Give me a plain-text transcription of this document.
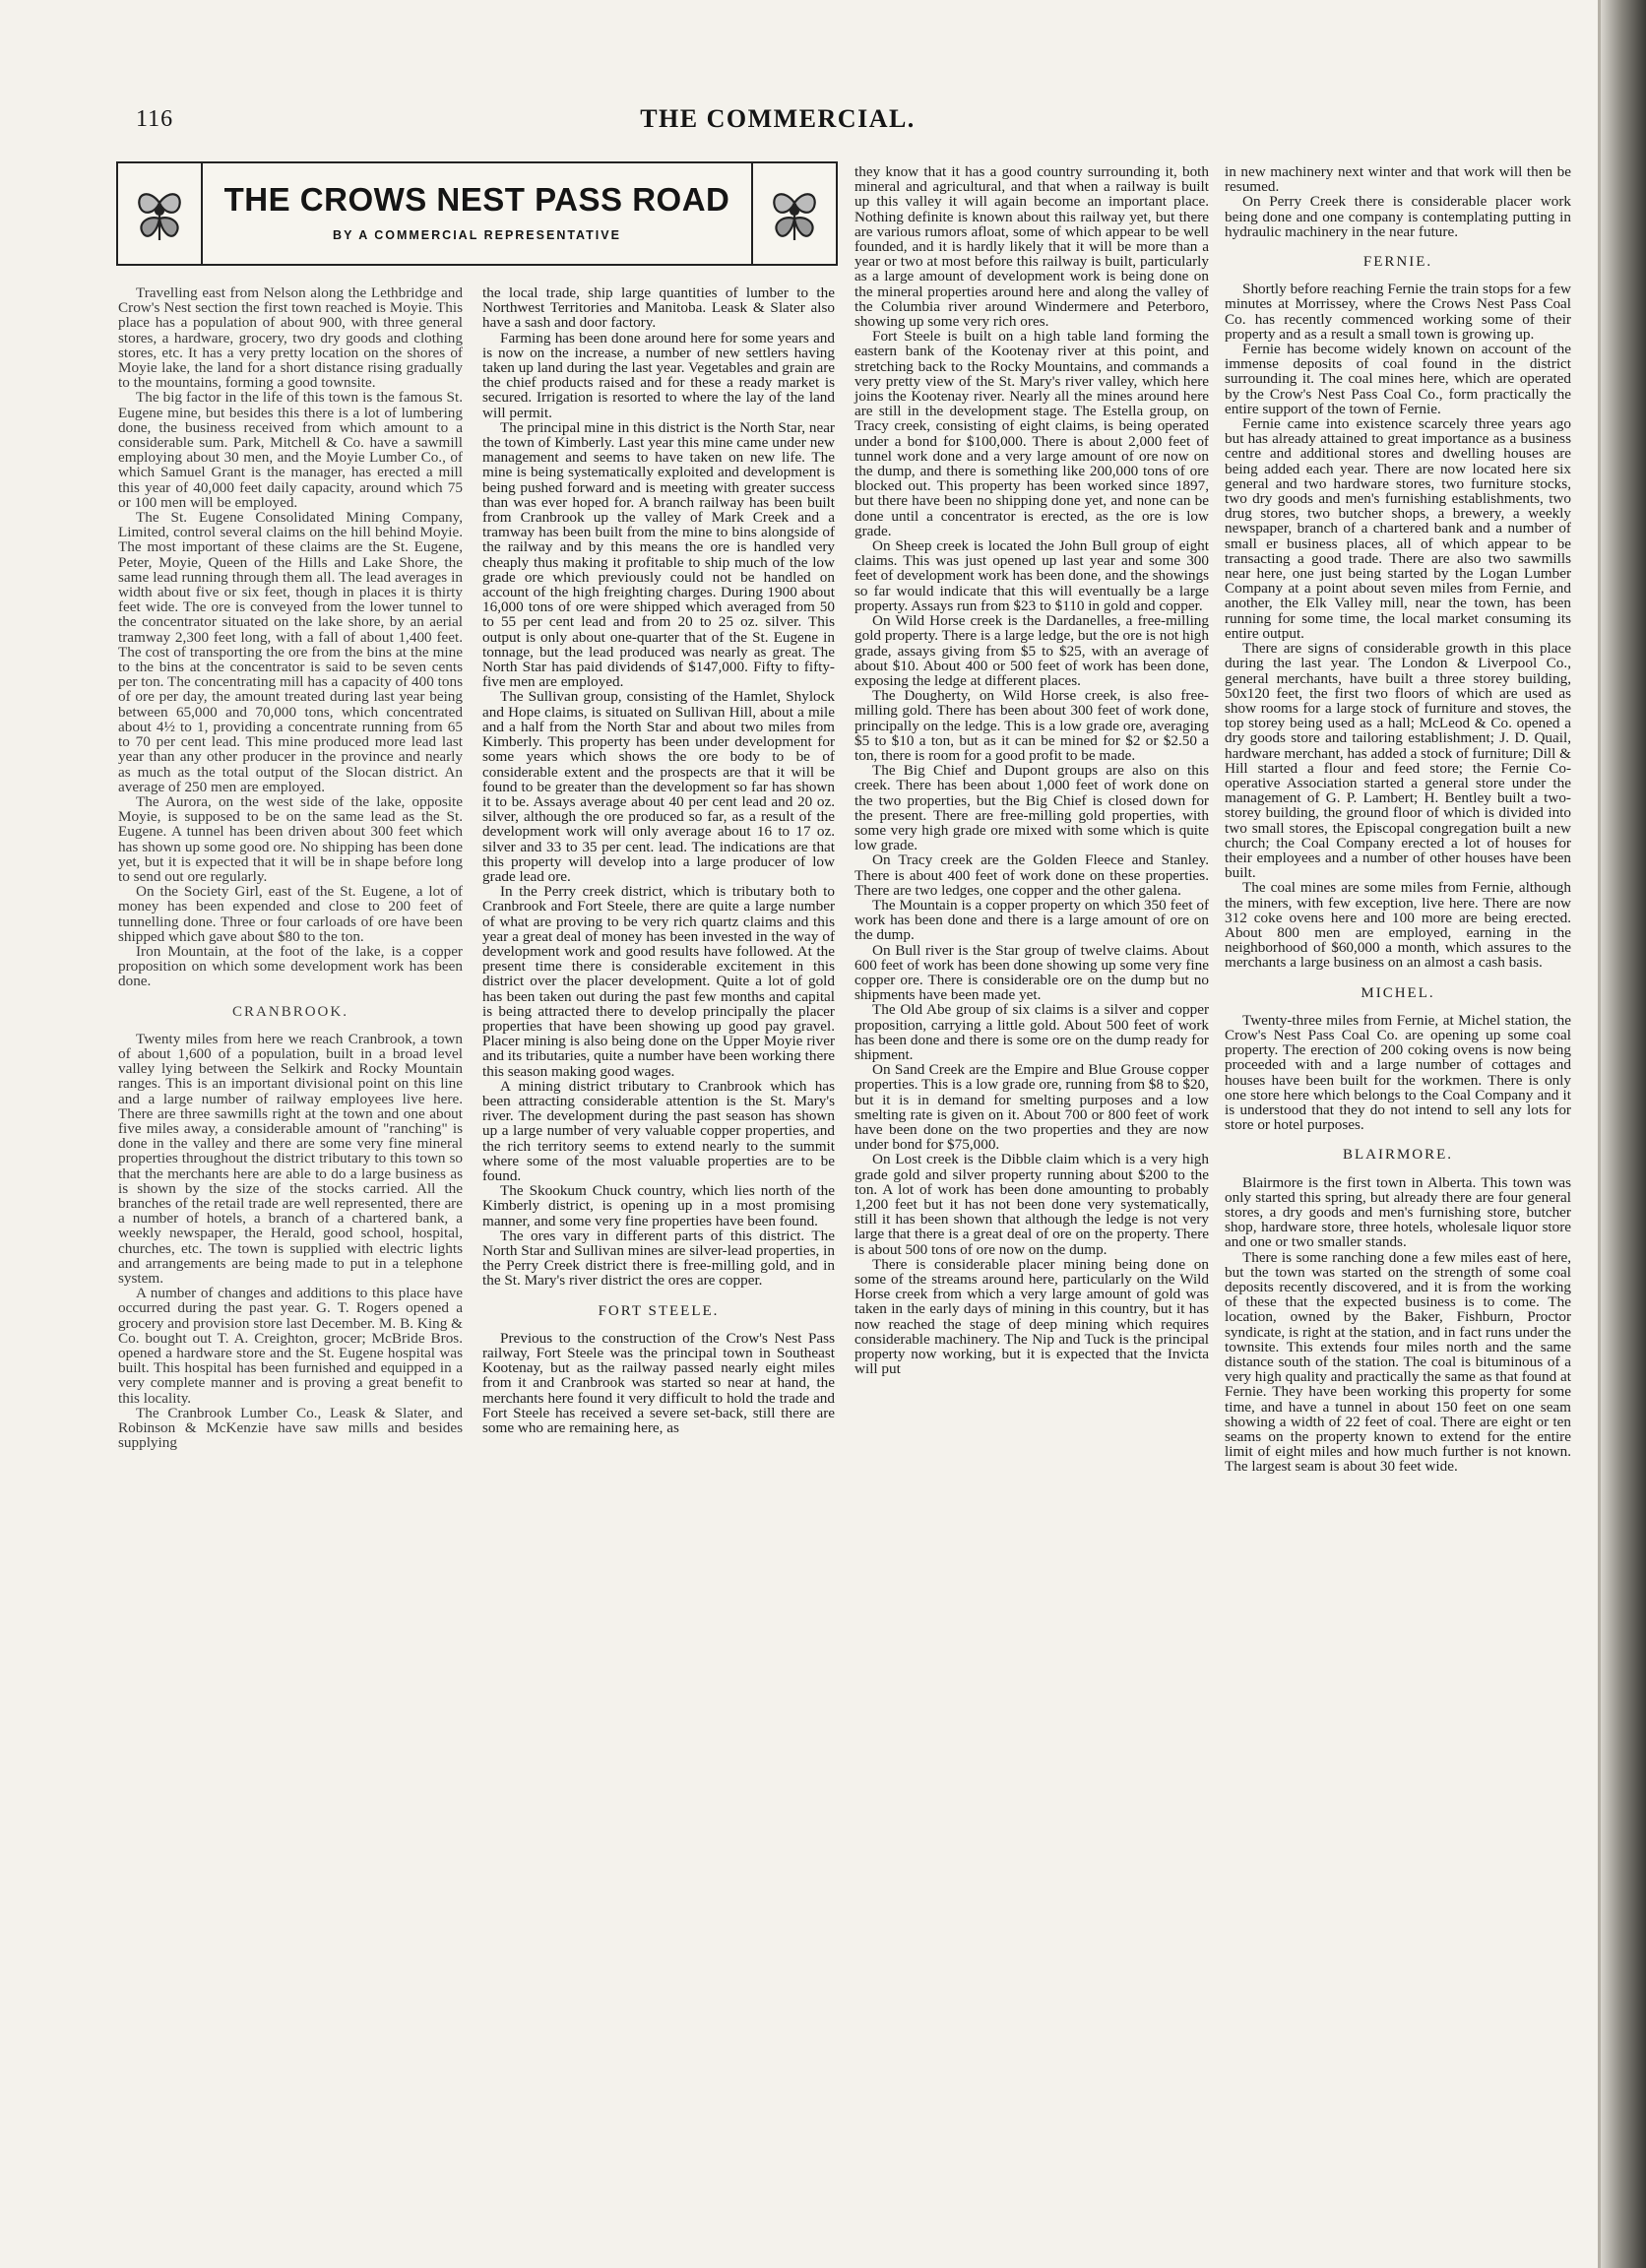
116	THE COMMERCIAL.
THE CROWS NEST PASS ROAD
BY A COMMERCIAL REPRESENTATIVE

Travelling east from Nelson along the Lethbridge and Crow's Nest section the first town reached is Moyie. This place has a population of about 900, with three general stores, a hardware, grocery, two dry goods and clothing stores, etc. It has a very pretty location on the shores of Moyie lake, the land for a short distance rising gradually to the mountains, forming a good townsite.

The big factor in the life of this town is the famous St. Eugene mine, but besides this there is a lot of lumbering done, the business received from which amount to a considerable sum. Park, Mitchell & Co. have a sawmill employing about 30 men, and the Moyie Lumber Co., of which Samuel Grant is the manager, has erected a mill this year of 40,000 feet daily capacity, around which 75 or 100 men will be employed.

The St. Eugene Consolidated Mining Company, Limited, control several claims on the hill behind Moyie. The most important of these claims are the St. Eugene, Peter, Moyie, Queen of the Hills and Lake Shore, the same lead running through them all. The lead averages in width about five or six feet, though in places it is thirty feet wide. The ore is conveyed from the lower tunnel to the concentrator situated on the lake shore, by an aerial tramway 2,300 feet long, with a fall of about 1,400 feet. The cost of transporting the ore from the bins at the mine to the bins at the concentrator is said to be seven cents per ton. The concentrating mill has a capacity of 400 tons of ore per day, the amount treated during last year being between 65,000 and 70,000 tons, which concentrated about 4½ to 1, providing a concentrate running from 65 to 70 per cent lead. This mine produced more lead last year than any other producer in the province and nearly as much as the total output of the Slocan district. An average of 250 men are employed.

The Aurora, on the west side of the lake, opposite Moyie, is supposed to be on the same lead as the St. Eugene. A tunnel has been driven about 300 feet which has shown up some good ore. No shipping has been done yet, but it is expected that it will be in shape before long to send out ore regularly.

On the Society Girl, east of the St. Eugene, a lot of money has been expended and close to 200 feet of tunnelling done. Three or four carloads of ore have been shipped which gave about $80 to the ton.

Iron Mountain, at the foot of the lake, is a copper proposition on which some development work has been done.

CRANBROOK.

Twenty miles from here we reach Cranbrook, a town of about 1,600 of a population, built in a broad level valley lying between the Selkirk and Rocky Mountain ranges. This is an important divisional point on this line and a large number of railway employees live here. There are three sawmills right at the town and one about five miles away, a considerable amount of "ranching" is done in the valley and there are some very fine mineral properties throughout the district tributary to this town so that the merchants here are able to do a large business as is shown by the size of the stocks carried. All the branches of the retail trade are well represented, there are a number of hotels, a branch of a chartered bank, a weekly newspaper, the Herald, good school, hospital, churches, etc. The town is supplied with electric lights and arrangements are being made to put in a telephone system.

A number of changes and additions to this place have occurred during the past year. G. T. Rogers opened a grocery and provision store last December. M. B. King & Co. bought out T. A. Creighton, grocer; McBride Bros. opened a hardware store and the St. Eugene hospital was built. This hospital has been furnished and equipped in a very complete manner and is proving a great benefit to this locality.

The Cranbrook Lumber Co., Leask & Slater, and Robinson & McKenzie have saw mills and besides supplying

the local trade, ship large quantities of lumber to the Northwest Territories and Manitoba. Leask & Slater also have a sash and door factory.

Farming has been done around here for some years and is now on the increase, a number of new settlers having taken up land during the last year. Vegetables and grain are the chief products raised and for these a ready market is secured. Irrigation is resorted to where the lay of the land will permit.

The principal mine in this district is the North Star, near the town of Kimberly. Last year this mine came under new management and seems to have taken on new life. The mine is being systematically exploited and development is being pushed forward and is meeting with greater success than was ever hoped for. A branch railway has been built from Cranbrook up the valley of Mark Creek and a tramway has been built from the mine to bins alongside of the railway and by this means the ore is handled very cheaply thus making it profitable to ship much of the low grade ore which previously could not be handled on account of the high freighting charges. During 1900 about 16,000 tons of ore were shipped which averaged from 50 to 55 per cent lead and from 20 to 25 oz. silver. This output is only about one-quarter that of the St. Eugene in tonnage, but the lead produced was nearly as great. The North Star has paid dividends of $147,000. Fifty to fifty-five men are employed.

The Sullivan group, consisting of the Hamlet, Shylock and Hope claims, is situated on Sullivan Hill, about a mile and a half from the North Star and about two miles from Kimberly. This property has been under development for some years which shows the ore body to be of considerable extent and the prospects are that it will be found to be greater than the development so far has shown it to be. Assays average about 40 per cent lead and 20 oz. silver, although the ore produced so far, as a result of the development work will only average about 16 to 17 oz. silver and 33 to 35 per cent. lead. The indications are that this property will develop into a large producer of low grade lead ore.

In the Perry creek district, which is tributary both to Cranbrook and Fort Steele, there are quite a large number of what are proving to be very rich quartz claims and this year a great deal of money has been invested in the way of development work and good results have followed. At the present time there is considerable excitement in this district over the placer development. Quite a lot of gold has been taken out during the past few months and capital is being attracted there to develop principally the placer properties that have been showing up good pay gravel. Placer mining is also being done on the Upper Moyie river and its tributaries, quite a number have been working there this season making good wages.

A mining district tributary to Cranbrook which has been attracting considerable attention is the St. Mary's river. The development during the past season has shown up a large number of very valuable copper properties, and the rich territory seems to extend nearly to the summit where some of the most valuable properties are to be found.

The Skookum Chuck country, which lies north of the Kimberly district, is opening up in a most promising manner, and some very fine properties have been found.

The ores vary in different parts of this district. The North Star and Sullivan mines are silver-lead properties, in the Perry Creek district there is free-milling gold, and in the St. Mary's river district the ores are copper.

FORT STEELE.

Previous to the construction of the Crow's Nest Pass railway, Fort Steele was the principal town in Southeast Kootenay, but as the railway passed nearly eight miles from it and Cranbrook was started so near at hand, the merchants here found it very difficult to hold the trade and Fort Steele has received a severe set-back, still there are some who are remaining here, as

they know that it has a good country surrounding it, both mineral and agricultural, and that when a railway is built up this valley it will again become an important place. Nothing definite is known about this railway yet, but there are various rumors afloat, some of which appear to be well founded, and it is hardly likely that it will be more than a year or two at most before this railway is built, particularly as a large amount of development work is being done on the mineral properties around here and along the valley of the Columbia river around Windermere and Peterboro, showing up some very rich ores.

Fort Steele is built on a high table land forming the eastern bank of the Kootenay river at this point, and stretching back to the Rocky Mountains, and commands a very pretty view of the St. Mary's river valley, which here joins the Kootenay river. Nearly all the mines around here are still in the development stage. The Estella group, on Tracy creek, consisting of eight claims, is being operated under a bond for $100,000. There is about 2,000 feet of tunnel work done and a very large amount of ore now on the dump, and there is something like 200,000 tons of ore blocked out. This property has been worked since 1897, but there have been no shipping done yet, and none can be done until a concentrator is erected, as the ore is low grade.

On Sheep creek is located the John Bull group of eight claims. This was just opened up last year and some 300 feet of development work has been done, and the showings so far would indicate that this will eventually be a large property. Assays run from $23 to $110 in gold and copper.

On Wild Horse creek is the Dardanelles, a free-milling gold property. There is a large ledge, but the ore is not high grade, assays giving from $5 to $25, with an average of about $10. About 400 or 500 feet of work has been done, exposing the ledge at different places.

The Dougherty, on Wild Horse creek, is also free-milling gold. There has been about 300 feet of work done, principally on the ledge. This is a low grade ore, averaging $5 to $10 a ton, but as it can be mined for $2 or $2.50 a ton, there is room for a good profit to be made.

The Big Chief and Dupont groups are also on this creek. There has been about 1,000 feet of work done on the two properties, but the Big Chief is closed down for the present. There are free-milling gold properties, with some very high grade ore mixed with some which is quite low grade.

On Tracy creek are the Golden Fleece and Stanley. There is about 400 feet of work done on these properties. There are two ledges, one copper and the other galena.

The Mountain is a copper property on which 350 feet of work has been done and there is a large amount of ore on the dump.

On Bull river is the Star group of twelve claims. About 600 feet of work has been done showing up some very fine copper ore. There is considerable ore on the dump but no shipments have been made yet.

The Old Abe group of six claims is a silver and copper proposition, carrying a little gold. About 500 feet of work has been done and there is some ore on the dump ready for shipment.

On Sand Creek are the Empire and Blue Grouse copper properties. This is a low grade ore, running from $8 to $20, but it is in demand for smelting purposes and a low smelting rate is given on it. About 700 or 800 feet of work have been done on the two properties and they are now under bond for $75,000.

On Lost creek is the Dibble claim which is a very high grade gold and silver property running about $200 to the ton. A lot of work has been done amounting to probably 1,200 feet but it has not been done very systematically, still it has been shown that although the ledge is not very large that there is a great deal of ore on the property. There is about 500 tons of ore now on the dump.

There is considerable placer mining being done on some of the streams around here, particularly on the Wild Horse creek from which a very large amount of gold was taken in the early days of mining in this country, but it has now reached the stage of deep mining which requires considerable machinery. The Nip and Tuck is the principal property now working, but it is expected that the Invicta will put

in new machinery next winter and that work will then be resumed.

On Perry Creek there is considerable placer work being done and one company is contemplating putting in hydraulic machinery in the near future.

FERNIE.

Shortly before reaching Fernie the train stops for a few minutes at Morrissey, where the Crows Nest Pass Coal Co. has recently commenced working some of their property and as a result a small town is growing up.

Fernie has become widely known on account of the immense deposits of coal found in the district surrounding it. The coal mines here, which are operated by the Crow's Nest Pass Coal Co., form practically the entire support of the town of Fernie.

Fernie came into existence scarcely three years ago but has already attained to great importance as a business centre and additional stores and dwelling houses are being added each year. There are now located here six general and two hardware stores, two furniture stocks, two dry goods and men's furnishing establishments, two drug stores, two butcher shops, a brewery, a weekly newspaper, branch of a chartered bank and a number of small er business places, all of which appear to be transacting a good trade. There are also two sawmills near here, one just being started by the Logan Lumber Company at a point about seven miles from Fernie, and another, the Elk Valley mill, near the town, has been running for some time, the local market consuming its entire output.

There are signs of considerable growth in this place during the last year. The London & Liverpool Co., general merchants, have built a three storey building, 50x120 feet, the first two floors of which are used as show rooms for a large stock of furniture and stoves, the top storey being used as a hall; McLeod & Co. opened a dry goods store and tailoring establishment; J. D. Quail, hardware merchant, has added a stock of furniture; Dill & Hill started a flour and feed store; the Fernie Co-operative Association started a general store under the management of G. P. Lambert; H. Bentley built a two-storey building, the ground floor of which is divided into two small stores, the Episcopal congregation built a new church; the Coal Company erected a lot of houses for their employees and a number of other houses have been built.

The coal mines are some miles from Fernie, although the miners, with few exception, live here. There are now 312 coke ovens here and 100 more are being erected. About 800 men are employed, earning in the neighborhood of $60,000 a month, which assures to the merchants a large business on an almost a cash basis.

MICHEL.

Twenty-three miles from Fernie, at Michel station, the Crow's Nest Pass Coal Co. are opening up some coal property. The erection of 200 coking ovens is now being proceeded with and a large number of cottages and houses have been built for the workmen. There is only one store here which belongs to the Coal Company and it is understood that they do not intend to sell any lots for store or hotel purposes.

BLAIRMORE.

Blairmore is the first town in Alberta. This town was only started this spring, but already there are four general stores, a dry goods and men's furnishing store, butcher shop, hardware store, three hotels, wholesale liquor store and one or two smaller stands.

There is some ranching done a few miles east of here, but the town was started on the strength of some coal deposits recently discovered, and it is from the working of these that the expected business is to come. The location, owned by the Baker, Fishburn, Proctor syndicate, is right at the station, and in fact runs under the townsite. This extends four miles north and the same distance south of the station. The coal is bituminous of a very high quality and practically the same as that found at Fernie. They have been working this property for some time, and have a tunnel in about 150 feet on one seam showing a width of 22 feet of coal. There are eight or ten seams on the property known to extend for the entire limit of eight miles and how much further is not known. The largest seam is about 30 feet wide.
